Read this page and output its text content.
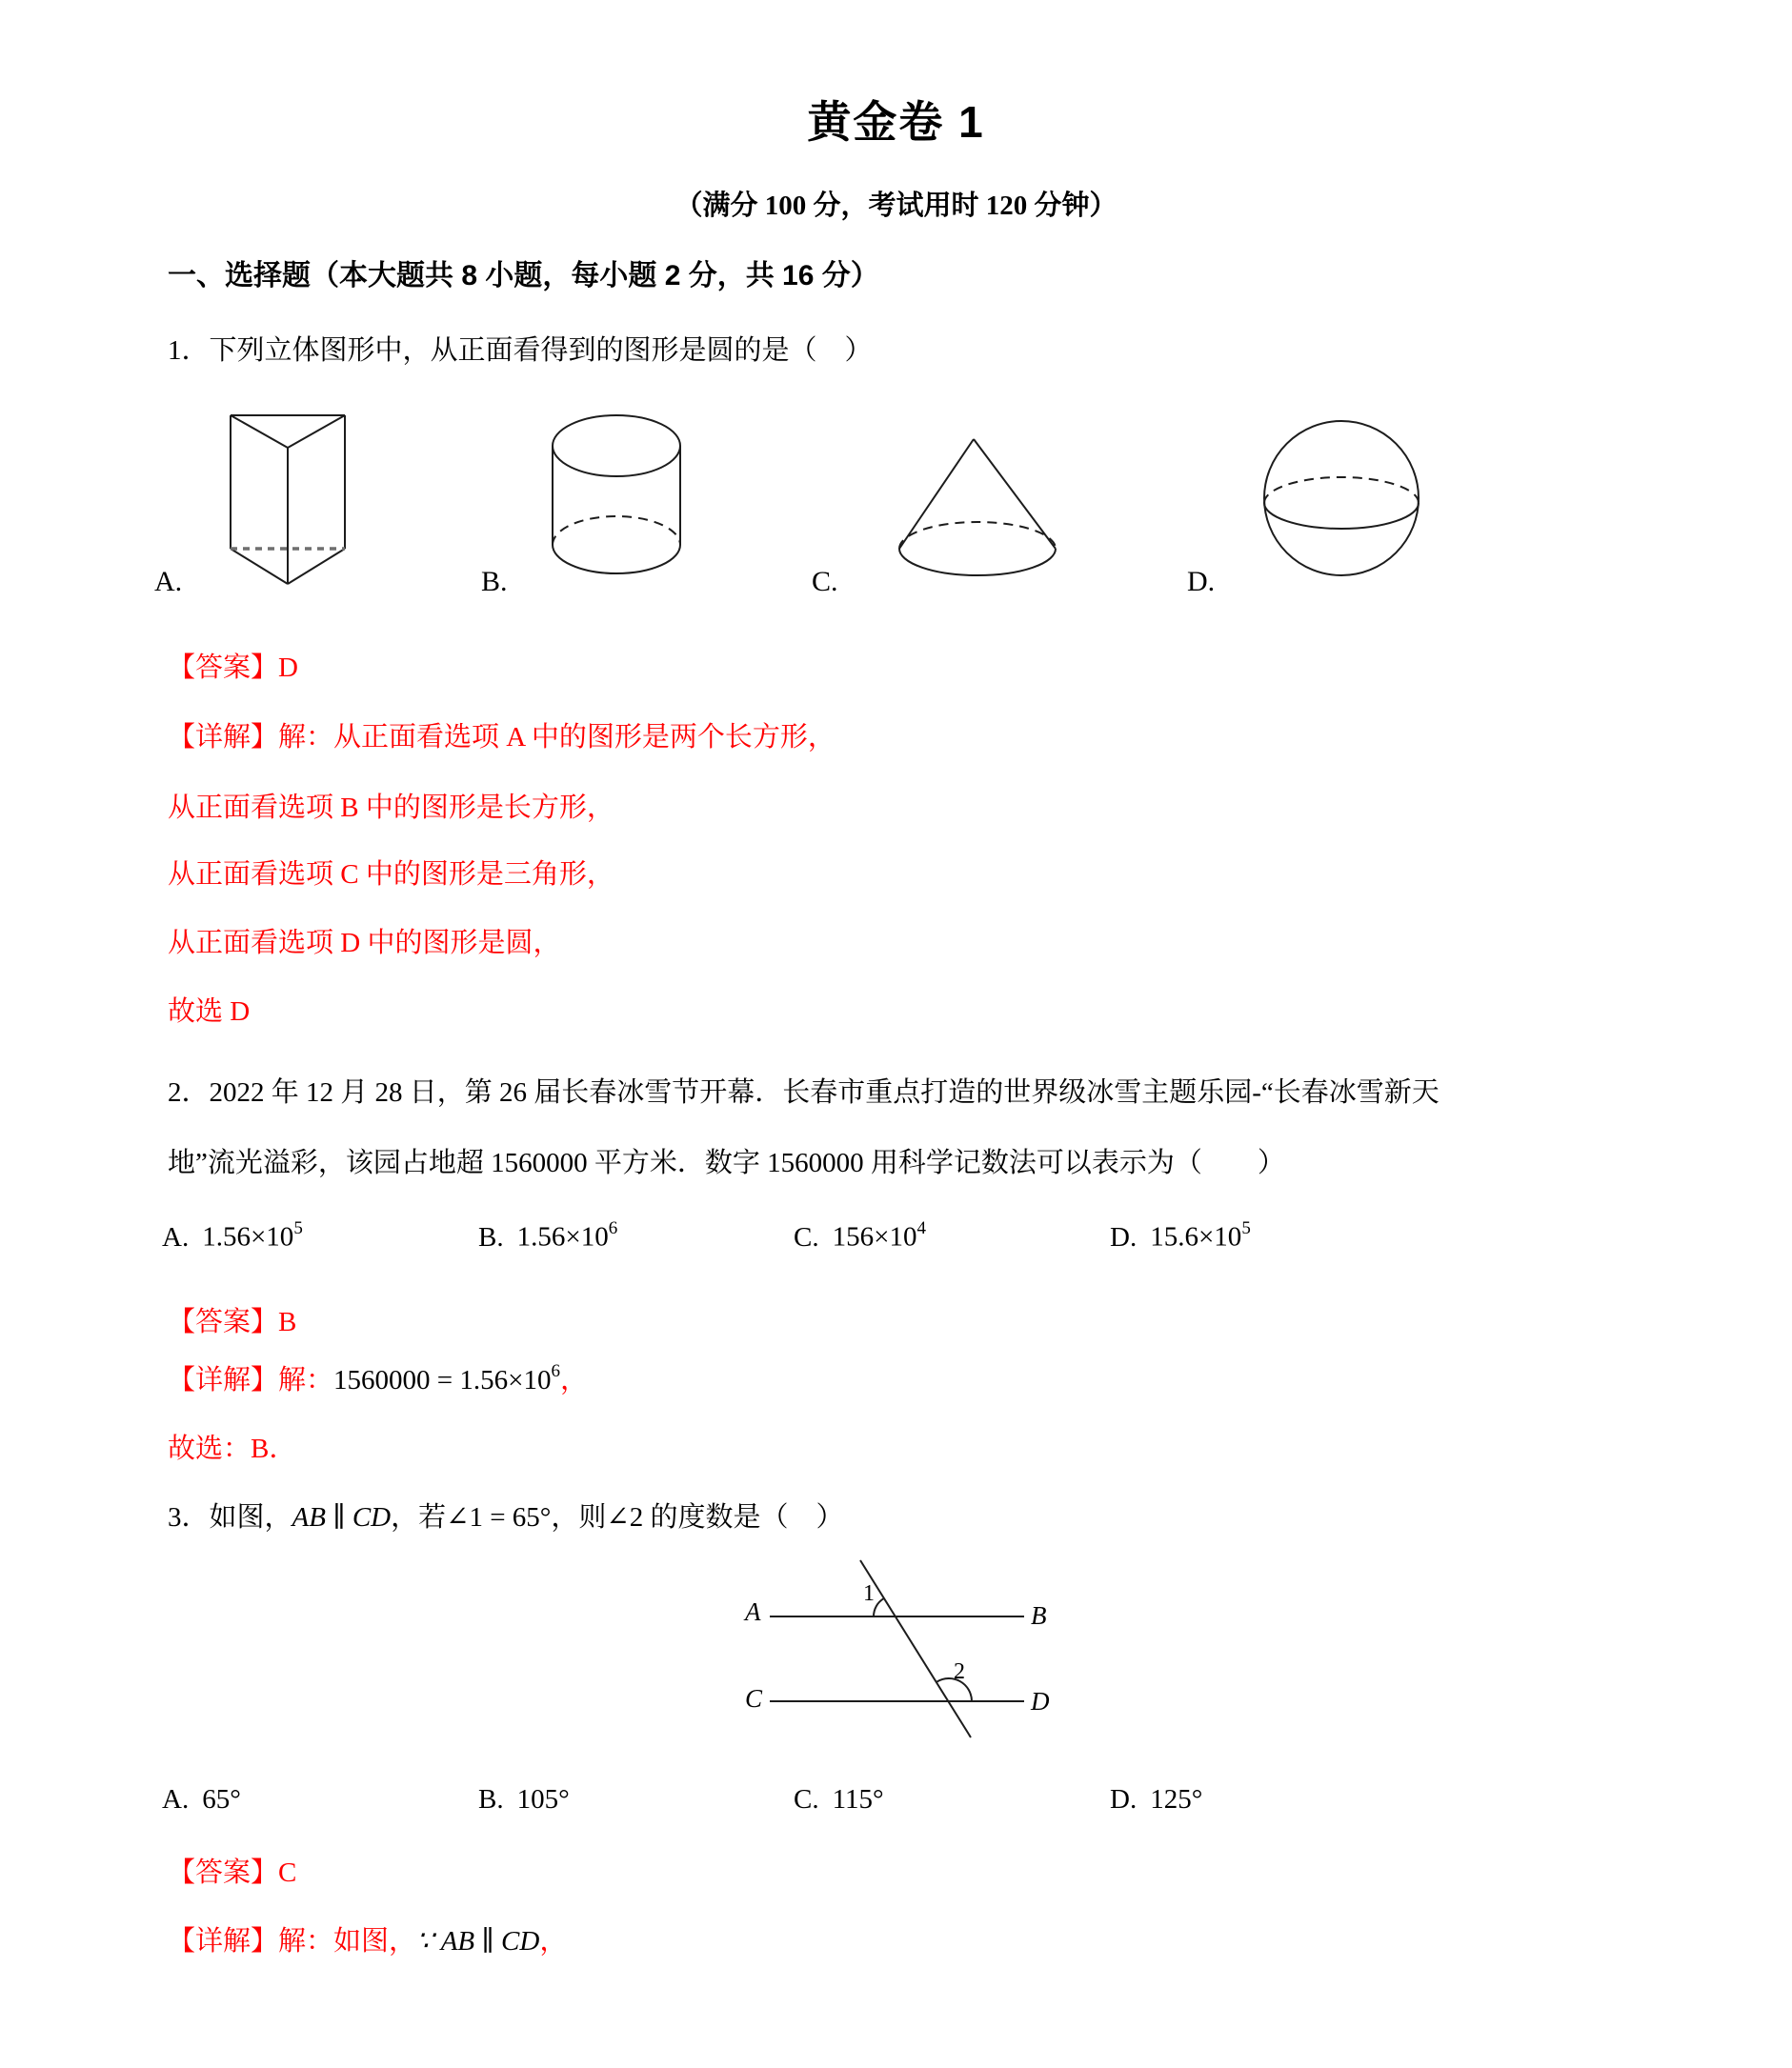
黄金卷 1
（满分 100 分，考试用时 120 分钟）
一、选择题（本大题共 8 小题，每小题 2 分，共 16 分）
1．下列立体图形中，从正面看得到的图形是圆的是（　）
A.	B.	C.	D.
【答案】D
【详解】解：从正面看选项 A 中的图形是两个长方形，
从正面看选项 B 中的图形是长方形，
从正面看选项 C 中的图形是三角形，
从正面看选项 D 中的图形是圆，
故选 D
2．2022 年 12 月 28 日，第 26 届长春冰雪节开幕．长春市重点打造的世界级冰雪主题乐园-“长春冰雪新天
地”流光溢彩，该园占地超 1560000 平方米．数字 1560000 用科学记数法可以表示为（　　）
A. $1.56\times 10^5$	B. $1.56\times 10^6$	C. $156\times 10^4$	D. $15.6\times 10^5$
【答案】B
【详解】解：$1560000 = 1.56\times 10^6$，
故选：B．
3．如图，AB ∥ CD，若∠1 = 65°，则∠2 的度数是（　）
A	B
C	D
1
2
A. 65°	B. 105°	C. 115°	D. 125°
【答案】C
【详解】解：如图，∵ AB ∥ CD，
